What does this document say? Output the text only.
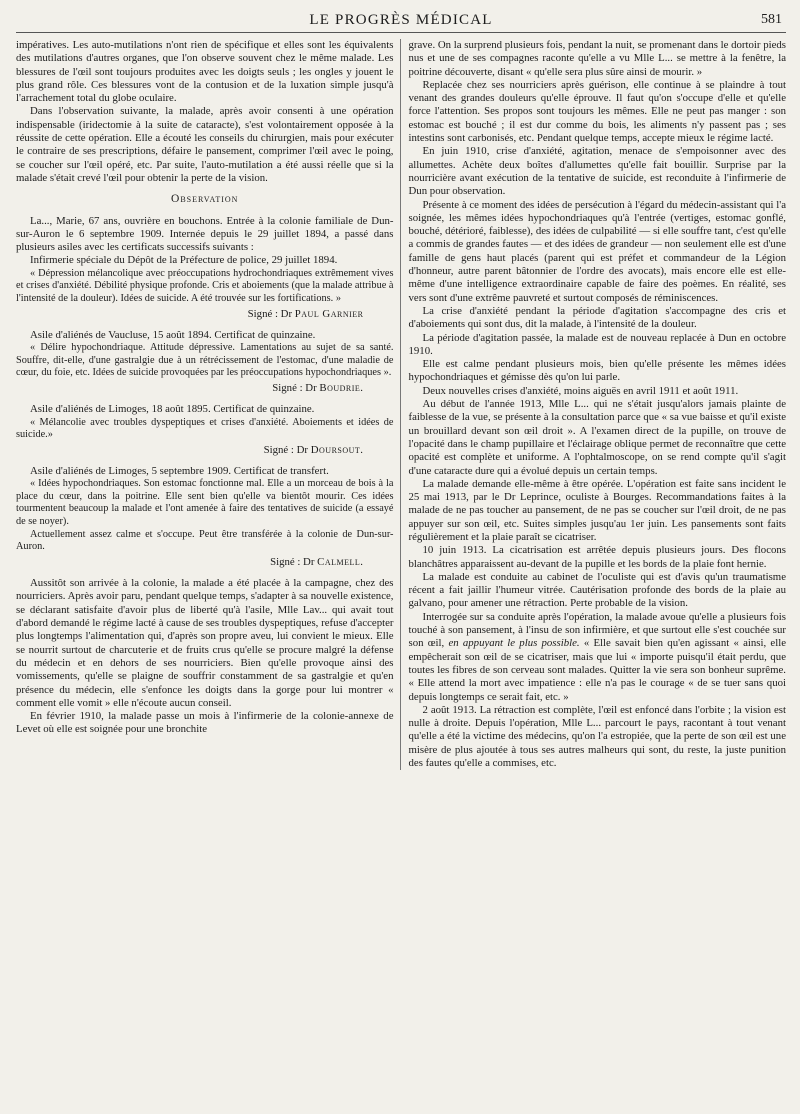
LE PROGRÈS MÉDICAL	581

impératives. Les auto-mutilations n'ont rien de spécifique et elles sont les équivalents des mutilations d'autres organes, que l'on observe souvent chez le même malade. Les blessures de l'œil sont toujours produites avec les doigts seuls ; les ongles y jouent le plus grand rôle. Ces blessures vont de la contusion et de la luxation simple jusqu'à l'arrachement total du globe oculaire.

Dans l'observation suivante, la malade, après avoir consenti à une opération indispensable (iridectomie à la suite de cataracte), s'est volontairement opposée à la réussite de cette opération. Elle a écouté les conseils du chirurgien, mais pour exécuter le contraire de ses prescriptions, défaire le pansement, comprimer l'œil avec le poing, se coucher sur l'œil opéré, etc. Par suite, l'auto-mutilation a été aussi réelle que si la malade s'était crevé l'œil pour obtenir la perte de la vision.

Observation

La..., Marie, 67 ans, ouvrière en bouchons. Entrée à la colonie familiale de Dun-sur-Auron le 6 septembre 1909. Internée depuis le 29 juillet 1894, a passé dans plusieurs asiles avec les certificats successifs suivants :

Infirmerie spéciale du Dépôt de la Préfecture de police, 29 juillet 1894.

« Dépression mélancolique avec préoccupations hydrochondriaques extrêmement vives et crises d'anxiété. Débilité physique profonde. Cris et aboiements (que la malade attribue à l'intensité de la douleur). Idées de suicide. A été trouvée sur les fortifications. »

Signé : Dr Paul Garnier

Asile d'aliénés de Vaucluse, 15 août 1894. Certificat de quinzaine.

« Délire hypochondriaque. Attitude dépressive. Lamentations au sujet de sa santé. Souffre, dit-elle, d'une gastralgie due à un rétrécissement de l'estomac, d'une maladie de cœur, du foie, etc. Idées de suicide provoquées par les préoccupations hypochondriaques ».

Signé : Dr Boudrie.

Asile d'aliénés de Limoges, 18 août 1895. Certificat de quinzaine.

« Mélancolie avec troubles dyspeptiques et crises d'anxiété. Aboiements et idées de suicide.»

Signé : Dr Doursout.

Asile d'aliénés de Limoges, 5 septembre 1909. Certificat de transfert.

« Idées hypochondriaques. Son estomac fonctionne mal. Elle a un morceau de bois à la place du cœur, dans la poitrine. Elle sent bien qu'elle va bientôt mourir. Ces idées tourmentent beaucoup la malade et l'ont amenée à faire des tentatives de suicide (a essayé de se noyer).

Actuellement assez calme et s'occupe. Peut être transférée à la colonie de Dun-sur-Auron.

Signé : Dr Calmell.

Aussitôt son arrivée à la colonie, la malade a été placée à la campagne, chez des nourriciers. Après avoir paru, pendant quelque temps, s'adapter à sa nouvelle existence, se déclarant satisfaite d'avoir plus de liberté qu'à l'asile, Mlle Lav... qui avait tout d'abord demandé le régime lacté à cause de ses troubles dyspeptiques, refuse d'accepter plus longtemps l'alimentation qui, d'après son propre aveu, lui convient le mieux. Elle se nourrit surtout de charcuterie et de fruits crus qu'elle se procure malgré la défense du médecin et en dehors de ses nourriciers. Bien qu'elle provoque ainsi des vomissements, qu'elle se plaigne de souffrir constamment de sa gastralgie et qu'en présence du médecin, elle s'enfonce les doigts dans la gorge pour lui montrer « comment elle vomit » elle n'écoute aucun conseil.

En février 1910, la malade passe un mois à l'infirmerie de la colonie-annexe de Levet où elle est soignée pour une bronchite

grave. On la surprend plusieurs fois, pendant la nuit, se promenant dans le dortoir pieds nus et une de ses compagnes raconte qu'elle a vu Mlle L... se mettre à la fenêtre, la poitrine découverte, disant « qu'elle sera plus sûre ainsi de mourir. »

Replacée chez ses nourriciers après guérison, elle continue à se plaindre à tout venant des grandes douleurs qu'elle éprouve. Il faut qu'on s'occupe d'elle et qu'elle force l'attention. Ses propos sont toujours les mêmes. Elle ne peut pas manger : son estomac est bouché ; il est dur comme du bois, les aliments n'y passent pas ; ses intestins sont carbonisés, etc. Pendant quelque temps, accepte mieux le régime lacté.

En juin 1910, crise d'anxiété, agitation, menace de s'empoisonner avec des allumettes. Achète deux boîtes d'allumettes qu'elle fait bouillir. Surprise par la nourricière avant exécution de la tentative de suicide, est reconduite à l'infirmerie de Dun pour observation.

Présente à ce moment des idées de persécution à l'égard du médecin-assistant qui l'a soignée, les mêmes idées hypochondriaques qu'à l'entrée (vertiges, estomac gonflé, bouché, détérioré, faiblesse), des idées de culpabilité — si elle souffre tant, c'est qu'elle a commis de grandes fautes — et des idées de grandeur — non seulement elle est d'une famille de gens haut placés (parent qui est préfet et commandeur de la Légion d'honneur, autre parent bâtonnier de l'ordre des avocats), mais encore elle est elle-même d'une intelligence extraordinaire capable de faire des poèmes. En réalité, ses vers sont d'une extrême pauvreté et surtout composés de réminiscences.

La crise d'anxiété pendant la période d'agitation s'accompagne des cris et d'aboiements qui sont dus, dit la malade, à l'intensité de la douleur.

La période d'agitation passée, la malade est de nouveau replacée à Dun en octobre 1910.

Elle est calme pendant plusieurs mois, bien qu'elle présente les mêmes idées hypochondriaques et gémisse dès qu'on lui parle.

Deux nouvelles crises d'anxiété, moins aiguës en avril 1911 et août 1911.

Au début de l'année 1913, Mlle L... qui ne s'était jusqu'alors jamais plainte de faiblesse de la vue, se présente à la consultation parce que « sa vue baisse et qu'il existe un brouillard devant son œil droit ». A l'examen direct de la pupille, on trouve de l'opacité dans le champ pupillaire et l'éclairage oblique permet de reconnaître que cette opacité est complète et uniforme. A l'ophtalmoscope, on se rend compte qu'il s'agit d'une cataracte dure qui a évolué depuis un certain temps.

La malade demande elle-même à être opérée. L'opération est faite sans incident le 25 mai 1913, par le Dr Leprince, oculiste à Bourges. Recommandations faites à la malade de ne pas toucher au pansement, de ne pas se coucher sur l'œil droit, de ne pas appuyer sur son œil, etc. Suites simples jusqu'au 1er juin. Les pansements sont faits régulièrement et la plaie paraît se cicatriser.

10 juin 1913. La cicatrisation est arrêtée depuis plusieurs jours. Des flocons blanchâtres apparaissent au-devant de la pupille et les bords de la plaie font hernie.

La malade est conduite au cabinet de l'oculiste qui est d'avis qu'un traumatisme récent a fait jaillir l'humeur vitrée. Cautérisation profonde des bords de la plaie au galvano, pour amener une rétraction. Perte probable de la vision.

Interrogée sur sa conduite après l'opération, la malade avoue qu'elle a plusieurs fois touché à son pansement, à l'insu de son infirmière, et que surtout elle s'est couchée sur son œil, en appuyant le plus possible. « Elle savait bien qu'en agissant « ainsi, elle empêcherait son œil de se cicatriser, mais que lui « importe puisqu'il était perdu, que toutes les fibres de son cerveau sont malades. Quitter la vie sera son bonheur suprême. « Elle attend la mort avec impatience : elle n'a pas le courage « de se tuer sans quoi depuis longtemps ce serait fait, etc. »

2 août 1913. La rétraction est complète, l'œil est enfoncé dans l'orbite ; la vision est nulle à droite. Depuis l'opération, Mlle L... parcourt le pays, racontant à tout venant qu'elle a été la victime des médecins, qu'on l'a estropiée, que la perte de son œil est une misère de plus ajoutée à tous ses autres malheurs qui sont, du reste, la juste punition des fautes qu'elle a commises, etc.
